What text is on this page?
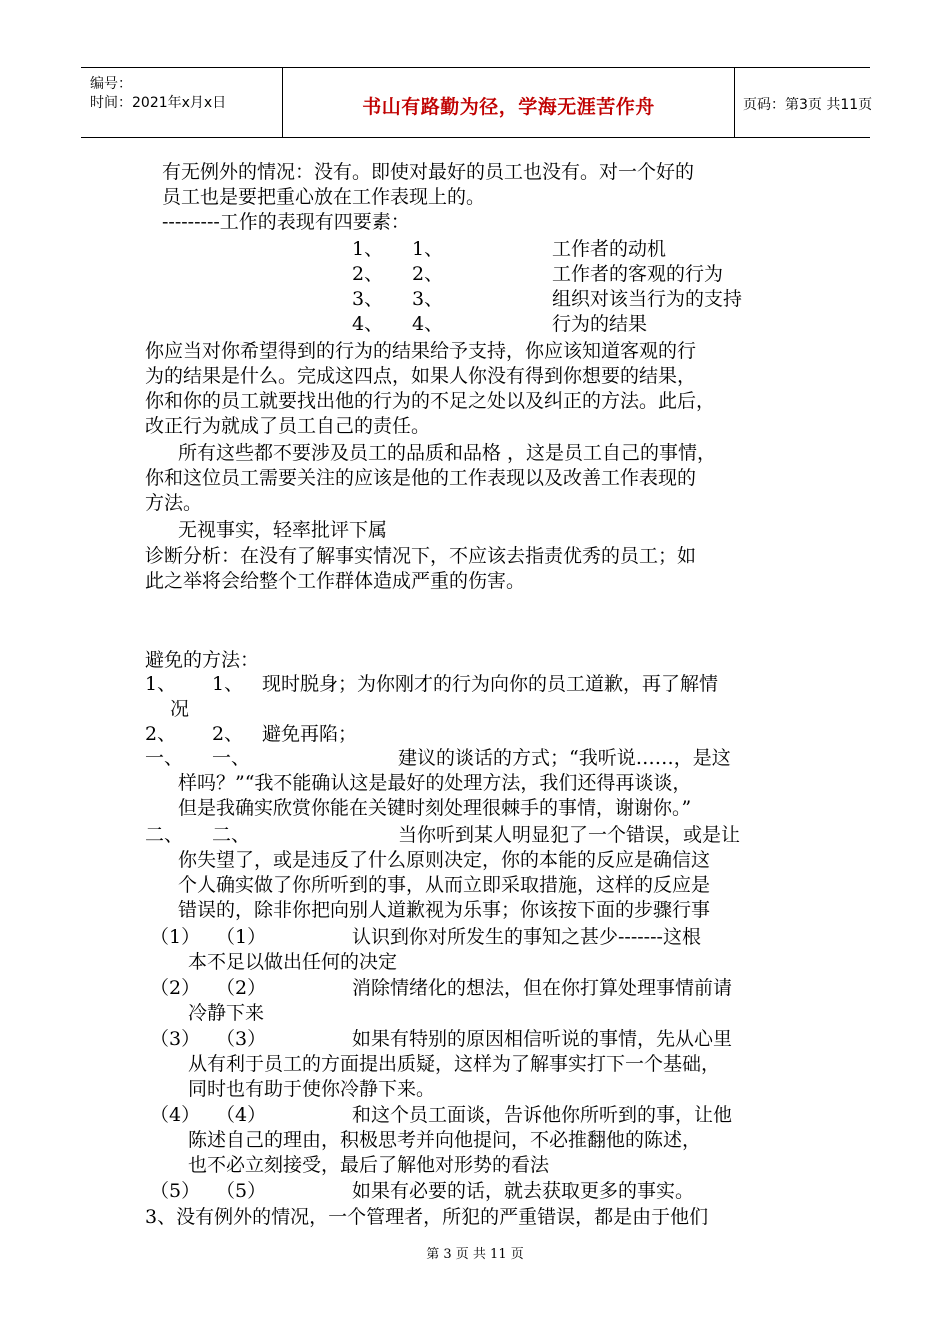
编号：
时间：2021年x月x日	书山有路勤为径，学海无涯苦作舟	页码：第3页 共11页
有无例外的情况：没有。即使对最好的员工也没有。对一个好的
员工也是要把重心放在工作表现上的。
---------工作的表现有四要素：
1、 1、	工作者的动机
2、 2、	工作者的客观的行为
3、 3、	组织对该当行为的支持
4、 4、	行为的结果
你应当对你希望得到的行为的结果给予支持，你应该知道客观的行
为的结果是什么。完成这四点，如果人你没有得到你想要的结果，
你和你的员工就要找出他的行为的不足之处以及纠正的方法。此后，
改正行为就成了员工自己的责任。
所有这些都不要涉及员工的品质和品格 ，这是员工自己的事情，
你和这位员工需要关注的应该是他的工作表现以及改善工作表现的
方法。
无视事实，轻率批评下属
诊断分析：在没有了解事实情况下，不应该去指责优秀的员工；如
此之举将会给整个工作群体造成严重的伤害。
避免的方法：
1、 1、 现时脱身；为你刚才的行为向你的员工道歉，再了解情
况
2、 2、 避免再陷；
一、 一、	建议的谈话的方式；“我听说……，是这
样吗？”“我不能确认这是最好的处理方法，我们还得再谈谈，
但是我确实欣赏你能在关键时刻处理很棘手的事情，谢谢你。”
二、 二、	当你听到某人明显犯了一个错误，或是让
你失望了，或是违反了什么原则决定，你的本能的反应是确信这
个人确实做了你所听到的事，从而立即采取措施，这样的反应是
错误的，除非你把向别人道歉视为乐事；你该按下面的步骤行事
（1） （1）	认识到你对所发生的事知之甚少-------这根
本不足以做出任何的决定
（2） （2）	消除情绪化的想法，但在你打算处理事情前请
冷静下来
（3） （3）	如果有特别的原因相信听说的事情，先从心里
从有利于员工的方面提出质疑，这样为了解事实打下一个基础，
同时也有助于使你冷静下来。
（4） （4）	和这个员工面谈，告诉他你所听到的事，让他
陈述自己的理由，积极思考并向他提问，不必推翻他的陈述，
也不必立刻接受，最后了解他对形势的看法
（5） （5）	如果有必要的话，就去获取更多的事实。
3、没有例外的情况，一个管理者，所犯的严重错误，都是由于他们
第 3 页 共 11 页
